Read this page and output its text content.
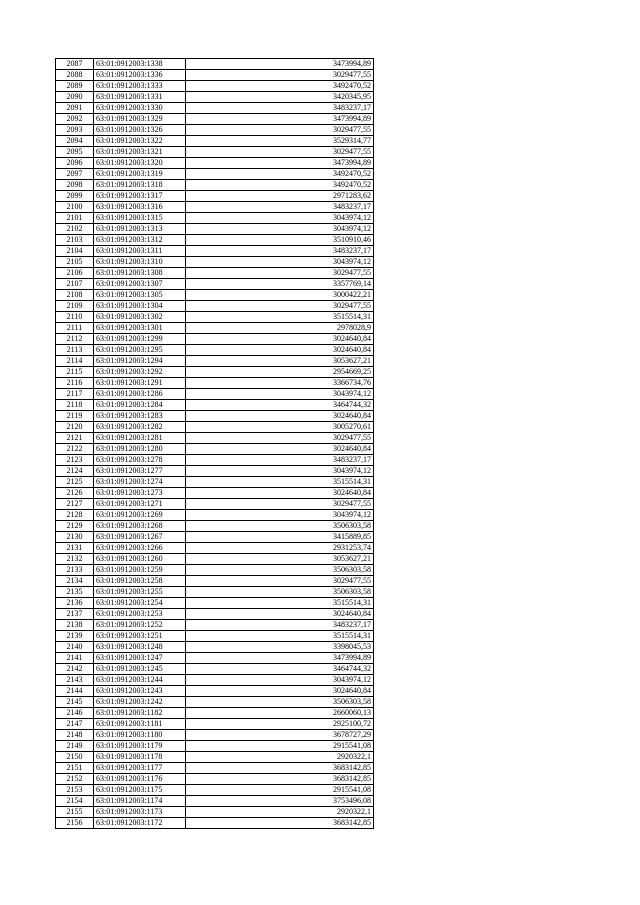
2087	63:01:0912003:1338	3473994,89
2088	63:01:0912003:1336	3029477,55
2089	63:01:0912003:1333	3492470,52
2090	63:01:0912003:1331	3420345,95
2091	63:01:0912003:1330	3483237,17
2092	63:01:0912003:1329	3473994,89
2093	63:01:0912003:1326	3029477,55
2094	63:01:0912003:1322	3529314,77
2095	63:01:0912003:1321	3029477,55
2096	63:01:0912003:1320	3473994,89
2097	63:01:0912003:1319	3492470,52
2098	63:01:0912003:1318	3492470,52
2099	63:01:0912003:1317	2971283,62
2100	63:01:0912003:1316	3483237,17
2101	63:01:0912003:1315	3043974,12
2102	63:01:0912003:1313	3043974,12
2103	63:01:0912003:1312	3510910,46
2104	63:01:0912003:1311	3483237,17
2105	63:01:0912003:1310	3043974,12
2106	63:01:0912003:1308	3029477,55
2107	63:01:0912003:1307	3357769,14
2108	63:01:0912003:1305	3000422,21
2109	63:01:0912003:1304	3029477,55
2110	63:01:0912003:1302	3515514,31
2111	63:01:0912003:1301	2978028,9
2112	63:01:0912003:1299	3024640,84
2113	63:01:0912003:1295	3024640,84
2114	63:01:0912003:1294	3053627,21
2115	63:01:0912003:1292	2954669,25
2116	63:01:0912003:1291	3366734,76
2117	63:01:0912003:1286	3043974,12
2118	63:01:0912003:1284	3464744,32
2119	63:01:0912003:1283	3024640,84
2120	63:01:0912003:1282	3005270,61
2121	63:01:0912003:1281	3029477,55
2122	63:01:0912003:1280	3024640,84
2123	63:01:0912003:1278	3483237,17
2124	63:01:0912003:1277	3043974,12
2125	63:01:0912003:1274	3515514,31
2126	63:01:0912003:1273	3024640,84
2127	63:01:0912003:1271	3029477,55
2128	63:01:0912003:1269	3043974,12
2129	63:01:0912003:1268	3506303,58
2130	63:01:0912003:1267	3415889,85
2131	63:01:0912003:1266	2931253,74
2132	63:01:0912003:1260	3053627,21
2133	63:01:0912003:1259	3506303,58
2134	63:01:0912003:1258	3029477,55
2135	63:01:0912003:1255	3506303,58
2136	63:01:0912003:1254	3515514,31
2137	63:01:0912003:1253	3024640,84
2138	63:01:0912003:1252	3483237,17
2139	63:01:0912003:1251	3515514,31
2140	63:01:0912003:1248	3398045,53
2141	63:01:0912003:1247	3473994,89
2142	63:01:0912003:1245	3464744,32
2143	63:01:0912003:1244	3043974,12
2144	63:01:0912003:1243	3024640,84
2145	63:01:0912003:1242	3506303,58
2146	63:01:0912003:1182	2660060,13
2147	63:01:0912003:1181	2925100,72
2148	63:01:0912003:1180	3678727,29
2149	63:01:0912003:1179	2915541,08
2150	63:01:0912003:1178	2920322,1
2151	63:01:0912003:1177	3683142,85
2152	63:01:0912003:1176	3683142,85
2153	63:01:0912003:1175	2915541,08
2154	63:01:0912003:1174	3753496,08
2155	63:01:0912003:1173	2920322,1
2156	63:01:0912003:1172	3683142,85
